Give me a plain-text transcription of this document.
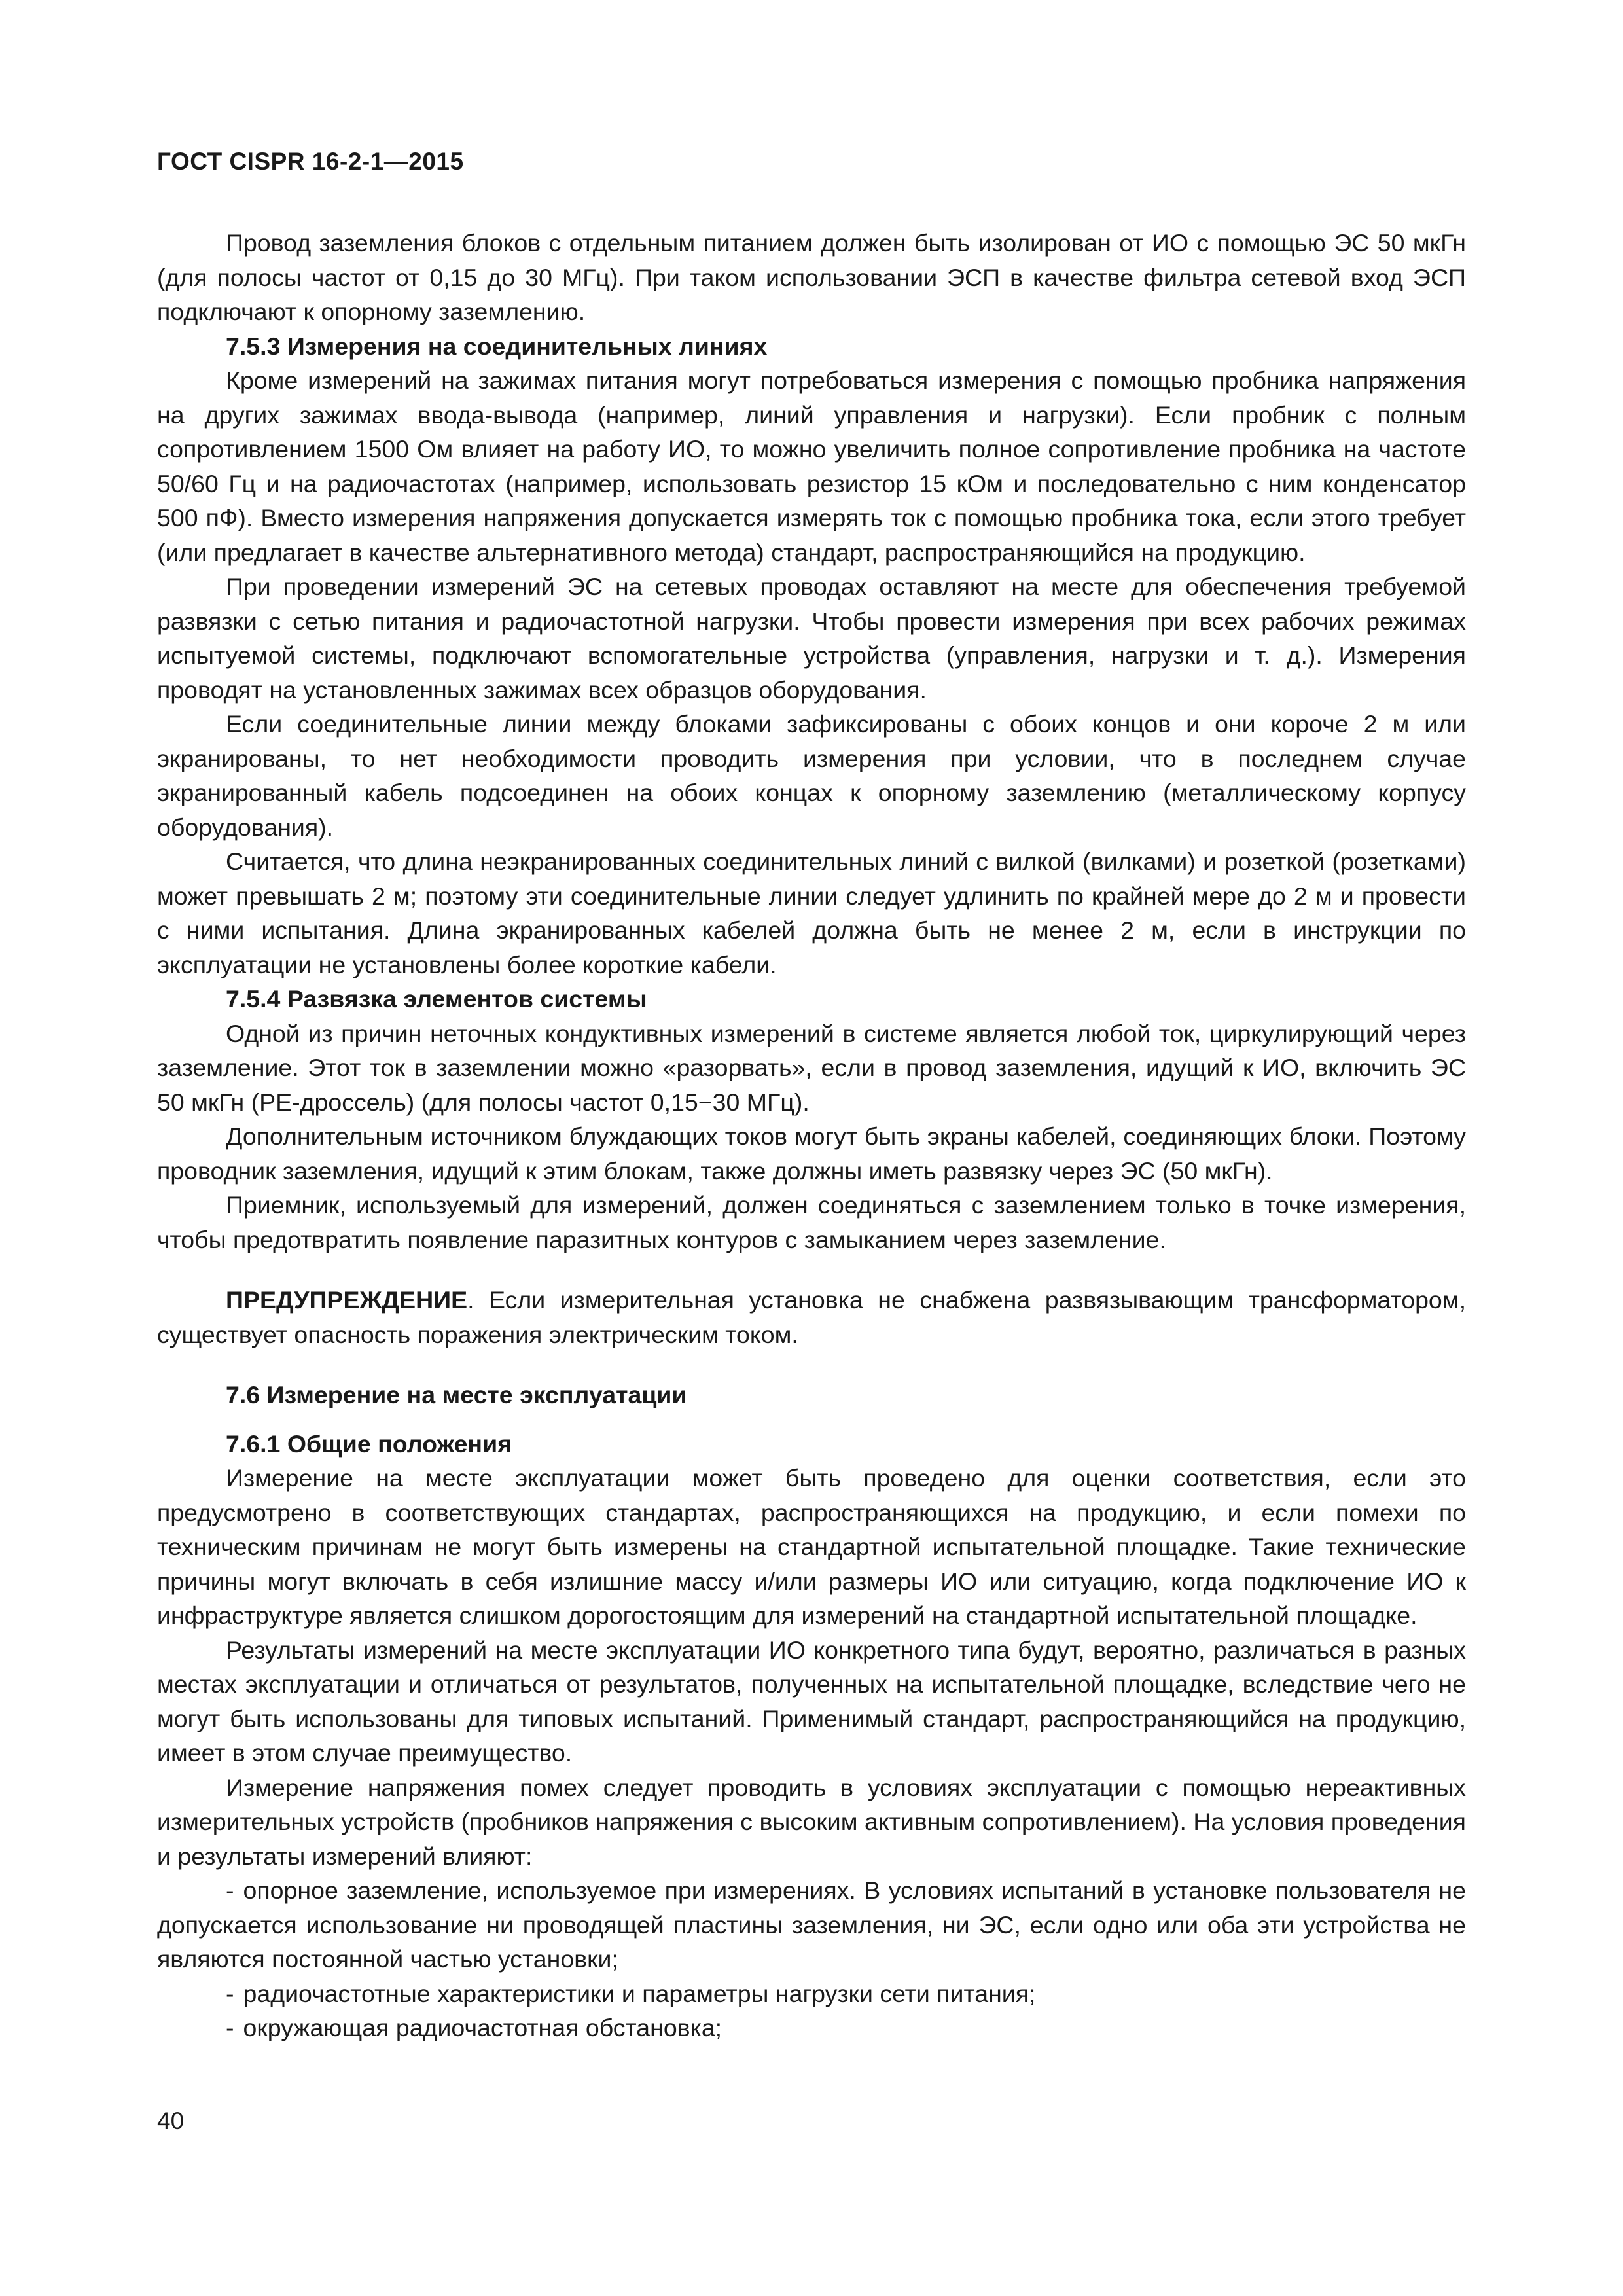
ГОСТ CISPR 16-2-1—2015

Провод заземления блоков с отдельным питанием должен быть изолирован от ИО с помощью ЭС 50 мкГн (для полосы частот от 0,15 до 30 МГц). При таком использовании ЭСП в качестве фильтра сетевой вход ЭСП подключают к опорному заземлению.

7.5.3 Измерения на соединительных линиях

Кроме измерений на зажимах питания могут потребоваться измерения с помощью пробника напряжения на других зажимах ввода-вывода (например, линий управления и нагрузки). Если пробник с полным сопротивлением 1500 Ом влияет на работу ИО, то можно увеличить полное сопротивление пробника на частоте 50/60 Гц и на радиочастотах (например, использовать резистор 15 кОм и последовательно с ним конденсатор 500 пФ). Вместо измерения напряжения допускается измерять ток с помощью пробника тока, если этого требует (или предлагает в качестве альтернативного метода) стандарт, распространяющийся на продукцию.

При проведении измерений ЭС на сетевых проводах оставляют на месте для обеспечения требуемой развязки с сетью питания и радиочастотной нагрузки. Чтобы провести измерения при всех рабочих режимах испытуемой системы, подключают вспомогательные устройства (управления, нагрузки и т. д.). Измерения проводят на установленных зажимах всех образцов оборудования.

Если соединительные линии между блоками зафиксированы с обоих концов и они короче 2 м или экранированы, то нет необходимости проводить измерения при условии, что в последнем случае экранированный кабель подсоединен на обоих концах к опорному заземлению (металлическому корпусу оборудования).

Считается, что длина неэкранированных соединительных линий с вилкой (вилками) и розеткой (розетками) может превышать 2 м; поэтому эти соединительные линии следует удлинить по крайней мере до 2 м и провести с ними испытания. Длина экранированных кабелей должна быть не менее 2 м, если в инструкции по эксплуатации не установлены более короткие кабели.

7.5.4 Развязка элементов системы

Одной из причин неточных кондуктивных измерений в системе является любой ток, циркулирующий через заземление. Этот ток в заземлении можно «разорвать», если в провод заземления, идущий к ИО, включить ЭС 50 мкГн (РЕ-дроссель) (для полосы частот 0,15−30 МГц).

Дополнительным источником блуждающих токов могут быть экраны кабелей, соединяющих блоки. Поэтому проводник заземления, идущий к этим блокам, также должны иметь развязку через ЭС (50 мкГн).

Приемник, используемый для измерений, должен соединяться с заземлением только в точке измерения, чтобы предотвратить появление паразитных контуров с замыканием через заземление.

ПРЕДУПРЕЖДЕНИЕ. Если измерительная установка не снабжена развязывающим трансформатором, существует опасность поражения электрическим током.

7.6 Измерение на месте эксплуатации

7.6.1 Общие положения

Измерение на месте эксплуатации может быть проведено для оценки соответствия, если это предусмотрено в соответствующих стандартах, распространяющихся на продукцию, и если помехи по техническим причинам не могут быть измерены на стандартной испытательной площадке. Такие технические причины могут включать в себя излишние массу и/или размеры ИО или ситуацию, когда подключение ИО к инфраструктуре является слишком дорогостоящим для измерений на стандартной испытательной площадке.

Результаты измерений на месте эксплуатации ИО конкретного типа будут, вероятно, различаться в разных местах эксплуатации и отличаться от результатов, полученных на испытательной площадке, вследствие чего не могут быть использованы для типовых испытаний. Применимый стандарт, распространяющийся на продукцию, имеет в этом случае преимущество.

Измерение напряжения помех следует проводить в условиях эксплуатации с помощью нереактивных измерительных устройств (пробников напряжения с высоким активным сопротивлением). На условия проведения и результаты измерений влияют:

- опорное заземление, используемое при измерениях. В условиях испытаний в установке пользователя не допускается использование ни проводящей пластины заземления, ни ЭС, если одно или оба эти устройства не являются постоянной частью установки;
- радиочастотные характеристики и параметры нагрузки сети питания;
- окружающая радиочастотная обстановка;
40
